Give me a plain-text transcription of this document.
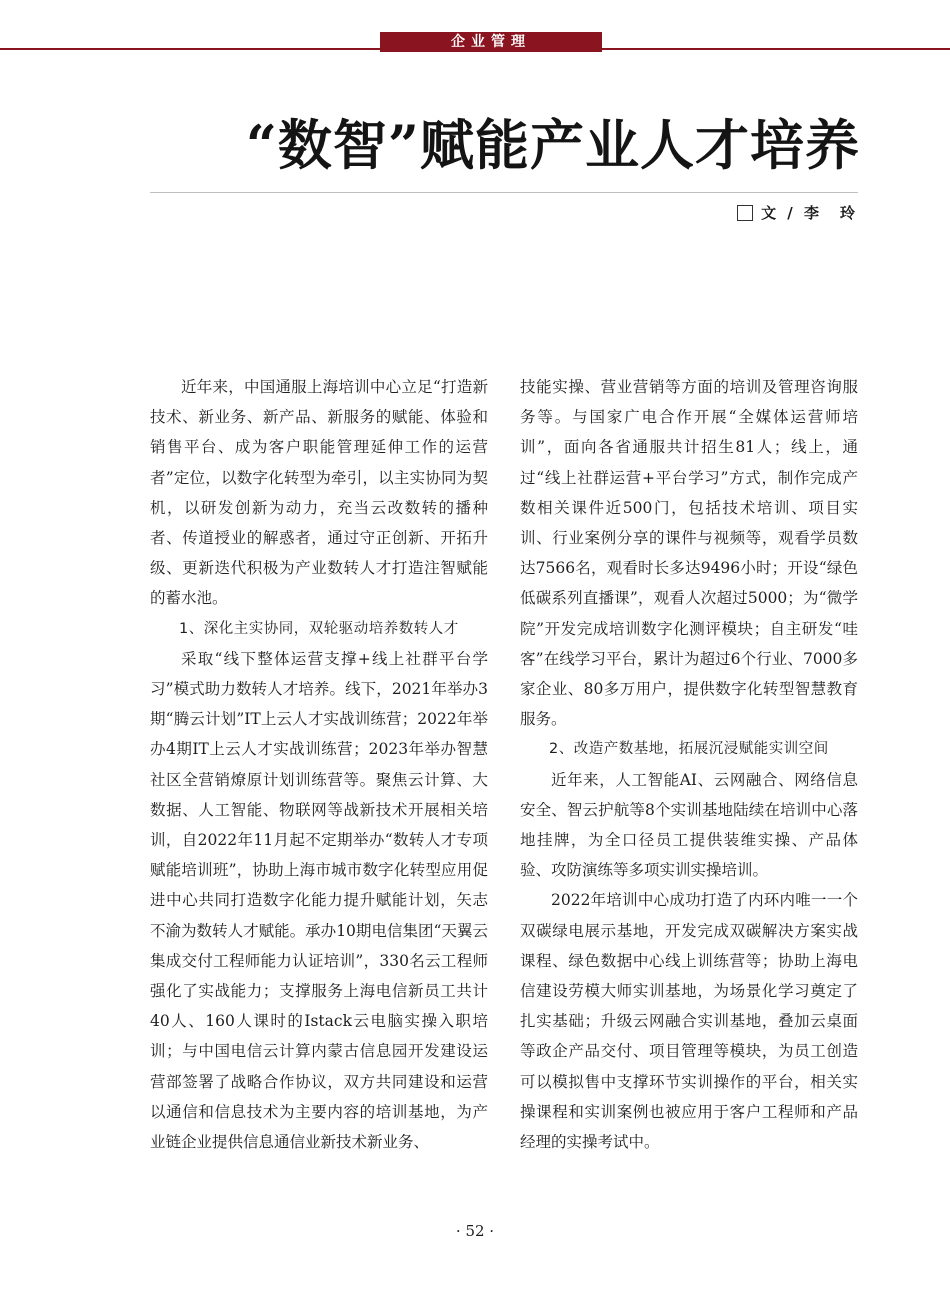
企业管理
“数智”赋能产业人才培养
文 / 李　玲

近年来，中国通服上海培训中心立足“打造新技术、新业务、新产品、新服务的赋能、体验和销售平台、成为客户职能管理延伸工作的运营者”定位，以数字化转型为牵引，以主实协同为契机，以研发创新为动力，充当云改数转的播种者、传道授业的解惑者，通过守正创新、开拓升级、更新迭代积极为产业数转人才打造注智赋能的蓄水池。

1、深化主实协同，双轮驱动培养数转人才

采取“线下整体运营支撑+线上社群平台学习”模式助力数转人才培养。线下，2021年举办3期“腾云计划”IT上云人才实战训练营；2022年举办4期IT上云人才实战训练营；2023年举办智慧社区全营销燎原计划训练营等。聚焦云计算、大数据、人工智能、物联网等战新技术开展相关培训，自2022年11月起不定期举办“数转人才专项赋能培训班”，协助上海市城市数字化转型应用促进中心共同打造数字化能力提升赋能计划，矢志不渝为数转人才赋能。承办10期电信集团“天翼云集成交付工程师能力认证培训”，330名云工程师强化了实战能力；支撑服务上海电信新员工共计40人、160人课时的Istack云电脑实操入职培训；与中国电信云计算内蒙古信息园开发建设运营部签署了战略合作协议，双方共同建设和运营以通信和信息技术为主要内容的培训基地，为产业链企业提供信息通信业新技术新业务、

技能实操、营业营销等方面的培训及管理咨询服务等。与国家广电合作开展“全媒体运营师培训”，面向各省通服共计招生81人；线上，通过“线上社群运营+平台学习”方式，制作完成产数相关课件近500门，包括技术培训、项目实训、行业案例分享的课件与视频等，观看学员数达7566名，观看时长多达9496小时；开设“绿色低碳系列直播课”，观看人次超过5000；为“微学院”开发完成培训数字化测评模块；自主研发“哇客”在线学习平台，累计为超过6个行业、7000多家企业、80多万用户，提供数字化转型智慧教育服务。

2、改造产数基地，拓展沉浸赋能实训空间

近年来，人工智能AI、云网融合、网络信息安全、智云护航等8个实训基地陆续在培训中心落地挂牌，为全口径员工提供装维实操、产品体验、攻防演练等多项实训实操培训。

2022年培训中心成功打造了内环内唯一一个双碳绿电展示基地，开发完成双碳解决方案实战课程、绿色数据中心线上训练营等；协助上海电信建设劳模大师实训基地，为场景化学习奠定了扎实基础；升级云网融合实训基地，叠加云桌面等政企产品交付、项目管理等模块，为员工创造可以模拟售中支撑环节实训操作的平台，相关实操课程和实训案例也被应用于客户工程师和产品经理的实操考试中。

· 52 ·
